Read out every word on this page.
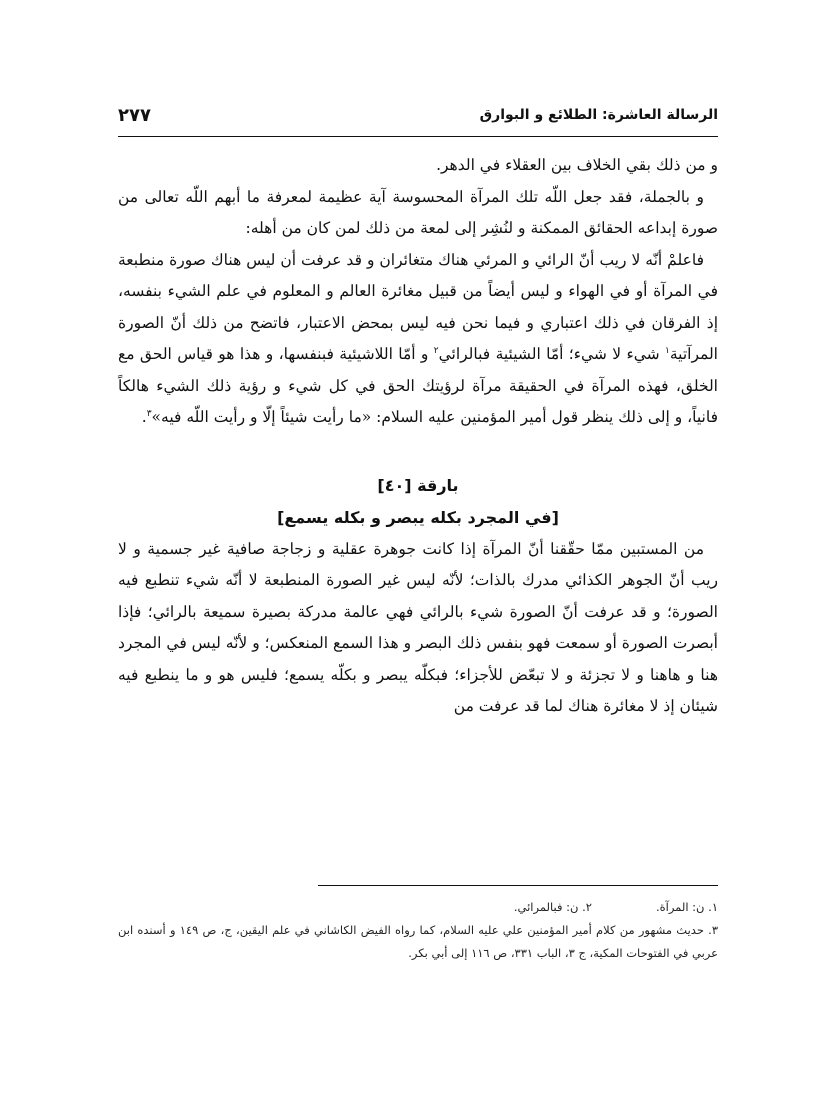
الرسالة العاشرة: الطلائع و البوارق
۲۷۷

و من ذلك بقي الخلاف بين العقلاء في الدهر.

و بالجملة، فقد جعل اللّه تلك المرآة المحسوسة آية عظيمة لمعرفة ما أبهم اللّه تعالى من صورة إبداعه الحقائق الممكنة و لنُشِر إلى لمعة من ذلك لمن كان من أهله:

فاعلمْ أنّه لا ريب أنّ الرائي و المرئي هناك متغائران و قد عرفت أن ليس هناك صورة منطبعة في المرآة أو في الهواء و ليس أيضاً من قبيل مغائرة العالم و المعلوم في علم الشيء بنفسه، إذ الفرقان في ذلك اعتباري و فيما نحن فيه ليس بمحض الاعتبار، فاتضح من ذلك أنّ الصورة المرآتية$^١$ شيء لا شيء؛ أمّا الشيئية فبالرائي$^٢$ و أمّا اللاشيئية فبنفسها، و هذا هو قياس الحق مع الخلق، فهذه المرآة في الحقيقة مرآة لرؤيتك الحق في كل شيء و رؤية ذلك الشيء هالكاً فانياً، و إلى ذلك ينظر قول أمير المؤمنين عليه السلام: «ما رأيت شيئاً إلّا و رأيت اللّه فيه»$^٣$.

بارقة [٤٠]

[في المجرد بكله يبصر و بكله يسمع]

من المستبين ممّا حقّقنا أنّ المرآة إذا كانت جوهرة عقلية و زجاجة صافية غير جسمية و لا ريب أنّ الجوهر الكذائي مدرك بالذات؛ لأنّه ليس غير الصورة المنطبعة لا أنّه شيء تنطبع فيه الصورة؛ و قد عرفت أنّ الصورة شيء بالرائي فهي عالمة مدركة بصيرة سميعة بالرائي؛ فإذا أبصرت الصورة أو سمعت فهو بنفس ذلك البصر و هذا السمع المنعكس؛ و لأنّه ليس في المجرد هنا و هاهنا و لا تجزئة و لا تبعّض للأجزاء؛ فبكلّه يبصر و بكلّه يسمع؛ فليس هو و ما ينطبع فيه شيئان إذ لا مغائرة هناك لما قد عرفت من

١. ن: المرآة.
٢. ن: فبالمرائي.
٣. حديث مشهور من كلام أمير المؤمنين علي عليه السلام، كما رواه الفيض الكاشاني في علم اليقين، ج، ص ١٤٩ و أسنده ابن عربي في الفتوحات المكية، ج ٣، الباب ٣٣١، ص ١١٦ إلى أبي بكر.
